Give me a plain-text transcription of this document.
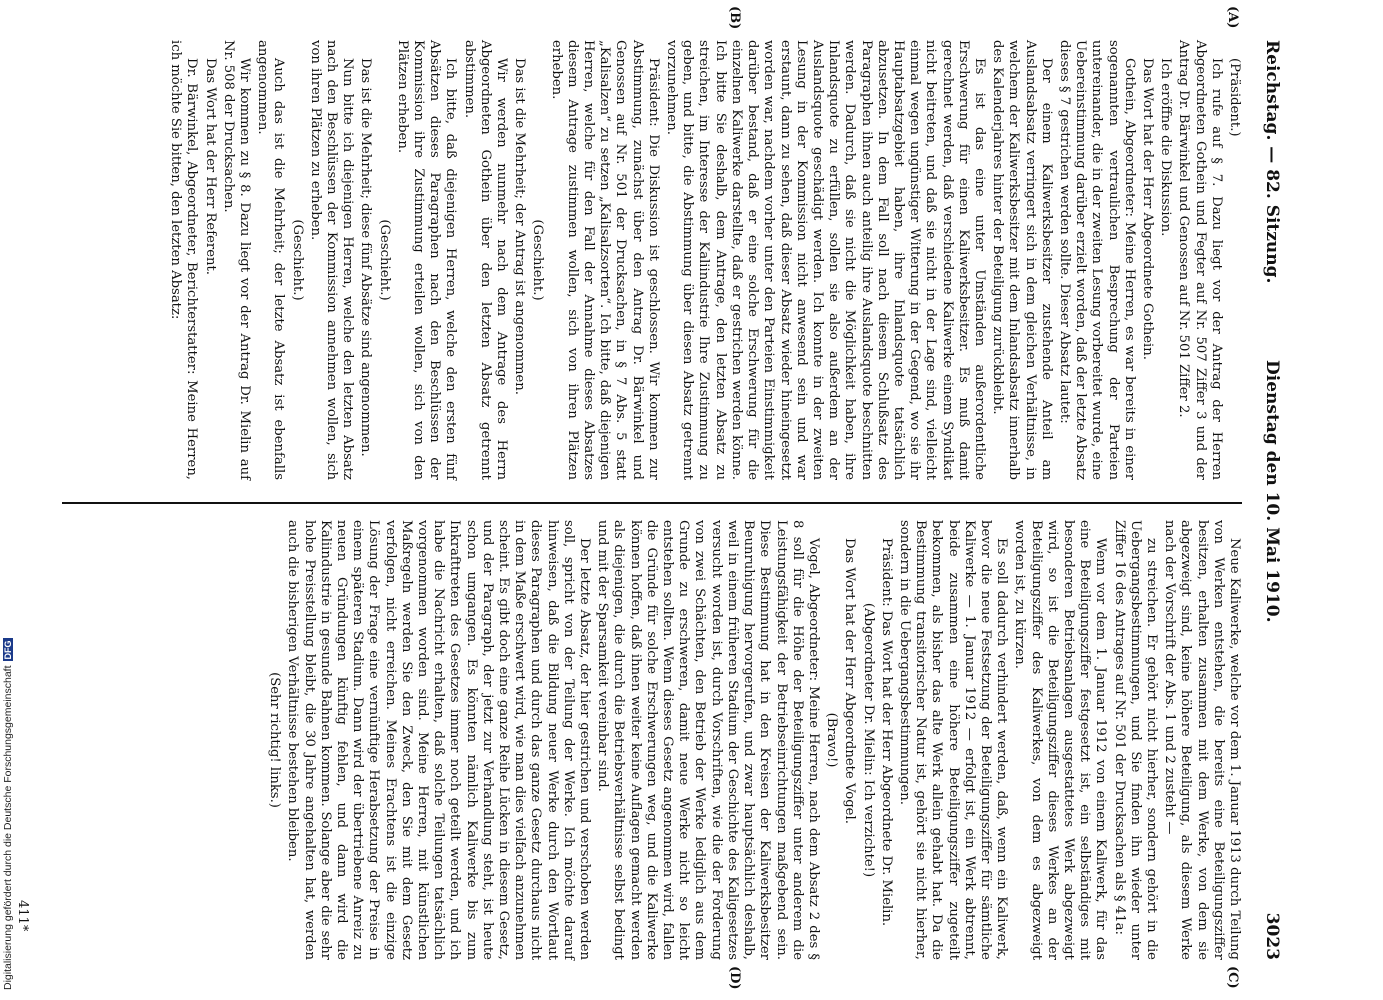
Reichstag. — 82. Sitzung.
Dienstag den 10. Mai 1910.
3023
(A)
(B)
(C)
(D)

(Präsident.)

Ich rufe auf § 7. Dazu liegt vor der Antrag der Herren Abgeordneten Gothein und Fegter auf Nr. 507 Ziffer 3 und der Antrag Dr. Bärwinkel und Genossen auf Nr. 501 Ziffer 2.

Ich eröffne die Diskussion.

Das Wort hat der Herr Abgeordnete Gothein.

Gothein, Abgeordneter: Meine Herren, es war bereits in einer sogenannten vertraulichen Besprechung der Parteien untereinander, die in der zweiten Lesung vorbereitet wurde, eine Uebereinstimmung darüber erzielt worden, daß der letzte Absatz dieses § 7 gestrichen werden sollte. Dieser Absatz lautet:

Der einem Kaliwerksbesitzer zustehende Anteil am Auslandsabsatz verringert sich in dem gleichen Verhältnisse, in welchem der Kaliwerksbesitzer mit dem Inlandsabsatz innerhalb des Kalenderjahres hinter der Beteiligung zurückbleibt.

Es ist das eine unter Umständen außerordentliche Erschwerung für einen Kaliwerksbesitzer. Es muß damit gerechnet werden, daß verschiedene Kaliwerke einem Syndikat nicht beitreten, und daß sie nicht in der Lage sind, vielleicht einmal wegen ungünstiger Witterung in der Gegend, wo sie ihr Hauptabsatzgebiet haben, ihre Inlandsquote tatsächlich abzusetzen. In dem Fall soll nach diesem Schlußsatz des Paragraphen ihnen auch anteilig ihre Auslandsquote beschnitten werden. Dadurch, daß sie nicht die Möglichkeit haben, ihre Inlandsquote zu erfüllen, sollen sie also außerdem an der Auslandsquote geschädigt werden. Ich konnte in der zweiten Lesung in der Kommission nicht anwesend sein und war erstaunt, dann zu sehen, daß dieser Absatz wieder hineingesetzt worden war, nachdem vorher unter den Parteien Einstimmigkeit darüber bestand, daß er eine solche Erschwerung für die einzelnen Kaliwerke darstellte, daß er gestrichen werden könne. Ich bitte Sie deshalb, dem Antrage, den letzten Absatz zu streichen, im Interesse der Kaliindustrie Ihre Zustimmung zu geben, und bitte, die Abstimmung über diesen Absatz getrennt vorzunehmen.

Präsident: Die Diskussion ist geschlossen. Wir kommen zur Abstimmung, zunächst über den Antrag Dr. Bärwinkel und Genossen auf Nr. 501 der Drucksachen, in § 7 Abs. 5 statt „Kalisalzen“ zu setzen „Kalisalzsorten“. Ich bitte, daß diejenigen Herren, welche für den Fall der Annahme dieses Absatzes diesem Antrage zustimmen wollen, sich von ihren Plätzen erheben.

(Geschieht.)

Das ist die Mehrheit; der Antrag ist angenommen.

Wir werden nunmehr nach dem Antrage des Herrn Abgeordneten Gothein über den letzten Absatz getrennt abstimmen.

Ich bitte, daß diejenigen Herren, welche den ersten fünf Absätzen dieses Paragraphen nach den Beschlüssen der Kommission ihre Zustimmung erteilen wollen, sich von den Plätzen erheben.

(Geschieht.)

Das ist die Mehrheit; diese fünf Absätze sind angenommen.

Nun bitte ich diejenigen Herren, welche den letzten Absatz nach den Beschlüssen der Kommission annehmen wollen, sich von ihren Plätzen zu erheben.

(Geschieht.)

Auch das ist die Mehrheit; der letzte Absatz ist ebenfalls angenommen.

Wir kommen zu § 8. Dazu liegt vor der Antrag Dr. Mielin auf Nr. 508 der Drucksachen.

Das Wort hat der Herr Referent.

Dr. Bärwinkel, Abgeordneter, Berichterstatter: Meine Herren, ich möchte Sie bitten, den letzten Absatz:

Neue Kaliwerke, welche vor dem 1. Januar 1913 durch Teilung von Werken entstehen, die bereits eine Beteiligungsziffer besitzen, erhalten zusammen mit dem Werke, von dem sie abgezweigt sind, keine höhere Beteiligung, als diesem Werke nach der Vorschrift der Abs. 1 und 2 zusteht —

zu streichen. Er gehört nicht hierher, sondern gehört in die Uebergangsbestimmungen, und Sie finden ihn wieder unter Ziffer 16 des Antrages auf Nr. 501 der Drucksachen als § 41a:

Wenn vor dem 1. Januar 1912 von einem Kaliwerk, für das eine Beteiligungsziffer festgesetzt ist, ein selbständiges mit besonderen Betriebsanlagen ausgestattetes Werk abgezweigt wird, so ist die Beteiligungsziffer dieses Werkes an der Beteiligungsziffer des Kaliwerkes, von dem es abgezweigt worden ist, zu kürzen.

Es soll dadurch verhindert werden, daß, wenn ein Kaliwerk, bevor die neue Festsetzung der Beteiligungsziffer für sämtliche Kaliwerke — 1. Januar 1912 — erfolgt ist, ein Werk abtrennt, beide zusammen eine höhere Beteiligungsziffer zugeteilt bekommen, als bisher das alte Werk allein gehabt hat. Da die Bestimmung transitorischer Natur ist, gehört sie nicht hierher, sondern in die Uebergangsbestimmungen.

Präsident: Das Wort hat der Herr Abgeordnete Dr. Mielin.

(Abgeordneter Dr. Mielin: Ich verzichte!)

Das Wort hat der Herr Abgeordnete Vogel.

(Bravo!)

Vogel, Abgeordneter: Meine Herren, nach dem Absatz 2 des § 8 soll für die Höhe der Beteiligungsziffer unter anderem die Leistungsfähigkeit der Betriebseinrichtungen maßgebend sein. Diese Bestimmung hat in den Kreisen der Kaliwerksbesitzer Beunruhigung hervorgerufen, und zwar hauptsächlich deshalb, weil in einem früheren Stadium der Geschichte des Kaligesetzes versucht worden ist, durch Vorschriften, wie die der Forderung von zwei Schächten, den Betrieb der Werke lediglich aus dem Grunde zu erschweren, damit neue Werke nicht so leicht entstehen sollten. Wenn dieses Gesetz angenommen wird, fallen die Gründe für solche Erschwerungen weg, und die Kaliwerke können hoffen, daß ihnen weiter keine Auflagen gemacht werden als diejenigen, die durch die Betriebsverhältnisse selbst bedingt und mit der Sparsamkeit vereinbar sind.

Der letzte Absatz, der hier gestrichen und verschoben werden soll, spricht von der Teilung der Werke. Ich möchte darauf hinweisen, daß die Bildung neuer Werke durch den Wortlaut dieses Paragraphen und durch das ganze Gesetz durchaus nicht in dem Maße erschwert wird, wie man dies vielfach anzunehmen scheint. Es gibt doch eine ganze Reihe Lücken in diesem Gesetz, und der Paragraph, der jetzt zur Verhandlung steht, ist heute schon umgangen. Es könnten nämlich Kaliwerke bis zum Inkrafttreten des Gesetzes immer noch geteilt werden, und ich habe die Nachricht erhalten, daß solche Teilungen tatsächlich vorgenommen worden sind. Meine Herren, mit künstlichen Maßregeln werden Sie den Zweck, den Sie mit dem Gesetz verfolgen, nicht erreichen. Meines Erachtens ist die einzige Lösung der Frage eine vernünftige Herabsetzung der Preise in einem späteren Stadium. Dann wird der übertriebene Anreiz zu neuen Gründungen künftig fehlen, und dann wird die Kaliindustrie in gesunde Bahnen kommen. Solange aber die sehr hohe Preisstellung bleibt, die 30 Jahre angehalten hat, werden auch die bisherigen Verhältnisse bestehen bleiben.

(Sehr richtig! links.)

411*
Digitalisierung gefördert durch die Deutsche ForschungsgemeinschaftDFG
